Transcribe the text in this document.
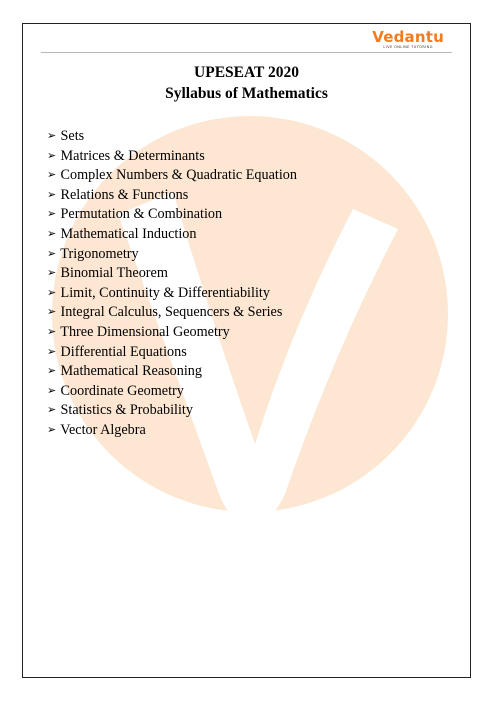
Vedantu
LIVE ONLINE TUTORING
UPESEAT 2020
Syllabus of Mathematics
➢ Sets
➢ Matrices & Determinants
➢ Complex Numbers & Quadratic Equation
➢ Relations & Functions
➢ Permutation & Combination
➢ Mathematical Induction
➢ Trigonometry
➢ Binomial Theorem
➢ Limit, Continuity & Differentiability
➢ Integral Calculus, Sequencers & Series
➢ Three Dimensional Geometry
➢ Differential Equations
➢ Mathematical Reasoning
➢ Coordinate Geometry
➢ Statistics & Probability
➢ Vector Algebra
